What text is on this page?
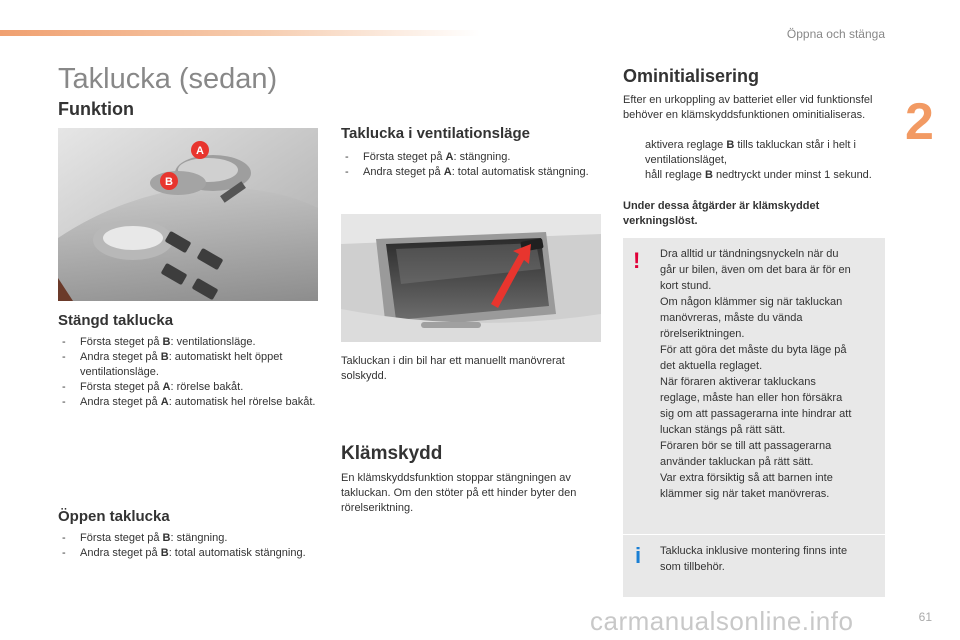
Öppna och stänga
2
Taklucka (sedan)
Funktion
A
B
Stängd taklucka
- Första steget på B: ventilationsläge.
- Andra steget på B: automatiskt helt öppet ventilationsläge.
- Första steget på A: rörelse bakåt.
- Andra steget på A: automatisk hel rörelse bakåt.
Öppen taklucka
- Första steget på B: stängning.
- Andra steget på B: total automatisk stängning.
Taklucka i ventilationsläge
- Första steget på A: stängning.
- Andra steget på A: total automatisk stängning.
Takluckan i din bil har ett manuellt manövrerat solskydd.
Klämskydd
En klämskyddsfunktion stoppar stängningen av takluckan. Om den stöter på ett hinder byter den rörelseriktning.
Ominitialisering
Efter en urkoppling av batteriet eller vid funktionsfel behöver en klämskyddsfunktionen ominitialiseras.
aktivera reglage B tills takluckan står i helt i ventilationsläget,
håll reglage B nedtryckt under minst 1 sekund.
Under dessa åtgärder är klämskyddet verkningslöst.
! Dra alltid ur tändningsnyckeln när du
går ur bilen, även om det bara är för en
kort stund.
Om någon klämmer sig när takluckan
manövreras, måste du vända
rörelseriktningen.
För att göra det måste du byta läge på
det aktuella reglaget.
När föraren aktiverar takluckans
reglage, måste han eller hon försäkra
sig om att passagerarna inte hindrar att
luckan stängs på rätt sätt.
Föraren bör se till att passagerarna
använder takluckan på rätt sätt.
Var extra försiktig så att barnen inte
klämmer sig när taket manövreras.
i Taklucka inklusive montering finns inte
som tillbehör.
carmanualsonline.info	61
